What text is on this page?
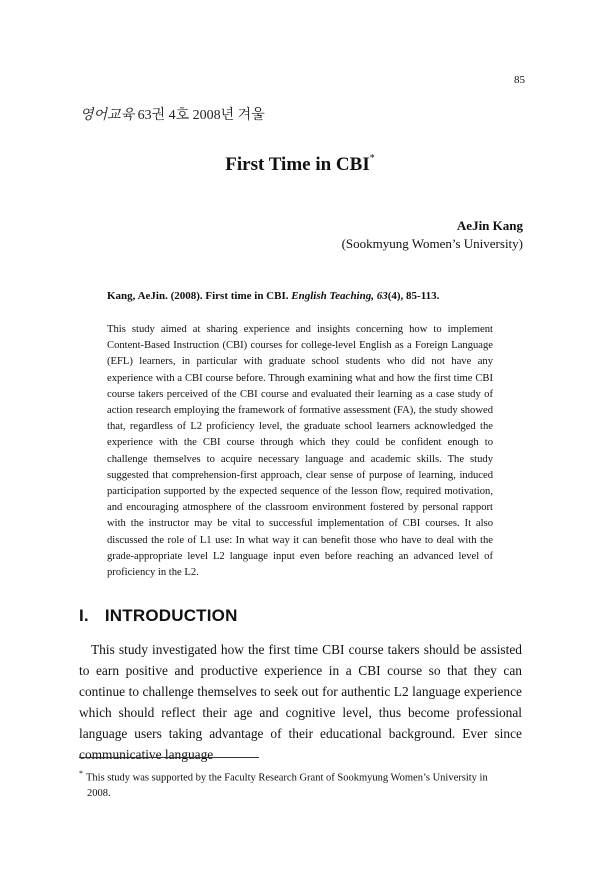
85
영어교육 63권 4호 2008년 겨울
First Time in CBI*
AeJin Kang
(Sookmyung Women’s University)
Kang, AeJin. (2008). First time in CBI. English Teaching, 63(4), 85-113.

This study aimed at sharing experience and insights concerning how to implement Content-Based Instruction (CBI) courses for college-level English as a Foreign Language (EFL) learners, in particular with graduate school students who did not have any experience with a CBI course before. Through examining what and how the first time CBI course takers perceived of the CBI course and evaluated their learning as a case study of action research employing the framework of formative assessment (FA), the study showed that, regardless of L2 proficiency level, the graduate school learners acknowledged the experience with the CBI course through which they could be confident enough to challenge themselves to acquire necessary language and academic skills. The study suggested that comprehension-first approach, clear sense of purpose of learning, induced participation supported by the expected sequence of the lesson flow, required motivation, and encouraging atmosphere of the classroom environment fostered by personal rapport with the instructor may be vital to successful implementation of CBI courses. It also discussed the role of L1 use: In what way it can benefit those who have to deal with the grade-appropriate level L2 language input even before reaching an advanced level of proficiency in the L2.

I. INTRODUCTION

This study investigated how the first time CBI course takers should be assisted to earn positive and productive experience in a CBI course so that they can continue to challenge themselves to seek out for authentic L2 language experience which should reflect their age and cognitive level, thus become professional language users taking advantage of their educational background. Ever since communicative language

* This study was supported by the Faculty Research Grant of Sookmyung Women’s University in
2008.
